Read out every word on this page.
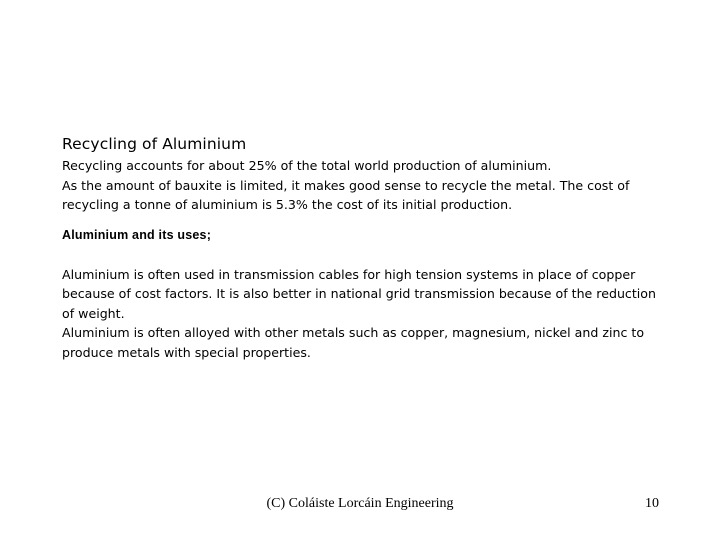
Recycling of Aluminium

Recycling accounts for about 25% of the total world production of aluminium.
As the amount of bauxite is limited, it makes good sense to recycle the metal. The cost of
recycling a tonne of aluminium is 5.3% the cost of its initial production.

Aluminium and its uses;

Aluminium is often used in transmission cables for high tension systems in place of copper
because of cost factors. It is also better in national grid transmission because of the reduction
of weight.
Aluminium is often alloyed with other metals such as copper, magnesium, nickel and zinc to
produce metals with special properties.

(C) Coláiste Lorcáin Engineering	10
